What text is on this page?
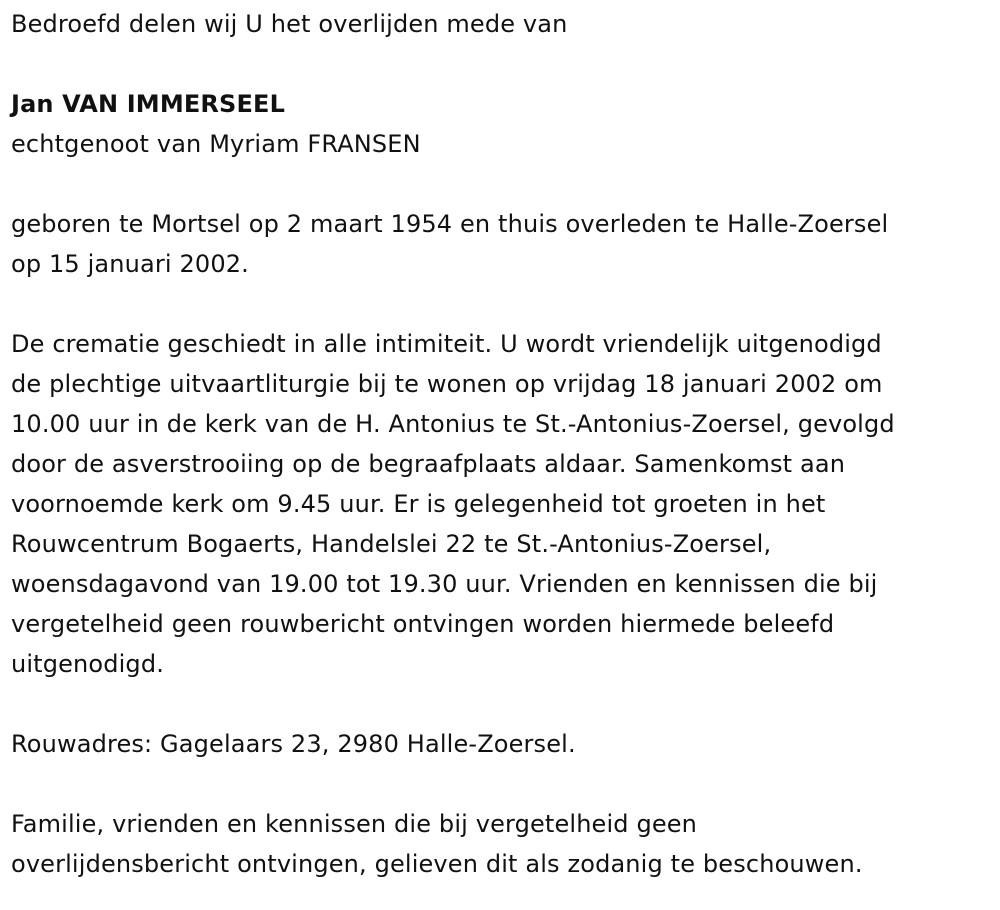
Bedroefd delen wij U het overlijden mede van
Jan VAN IMMERSEEL
echtgenoot van Myriam FRANSEN
geboren te Mortsel op 2 maart 1954 en thuis overleden te Halle-Zoersel
op 15 januari 2002.
De crematie geschiedt in alle intimiteit. U wordt vriendelijk uitgenodigd
de plechtige uitvaartliturgie bij te wonen op vrijdag 18 januari 2002 om
10.00 uur in de kerk van de H. Antonius te St.-Antonius-Zoersel, gevolgd
door de asverstrooiing op de begraafplaats aldaar. Samenkomst aan
voornoemde kerk om 9.45 uur. Er is gelegenheid tot groeten in het
Rouwcentrum Bogaerts, Handelslei 22 te St.-Antonius-Zoersel,
woensdagavond van 19.00 tot 19.30 uur. Vrienden en kennissen die bij
vergetelheid geen rouwbericht ontvingen worden hiermede beleefd
uitgenodigd.
Rouwadres: Gagelaars 23, 2980 Halle-Zoersel.
Familie, vrienden en kennissen die bij vergetelheid geen
overlijdensbericht ontvingen, gelieven dit als zodanig te beschouwen.
